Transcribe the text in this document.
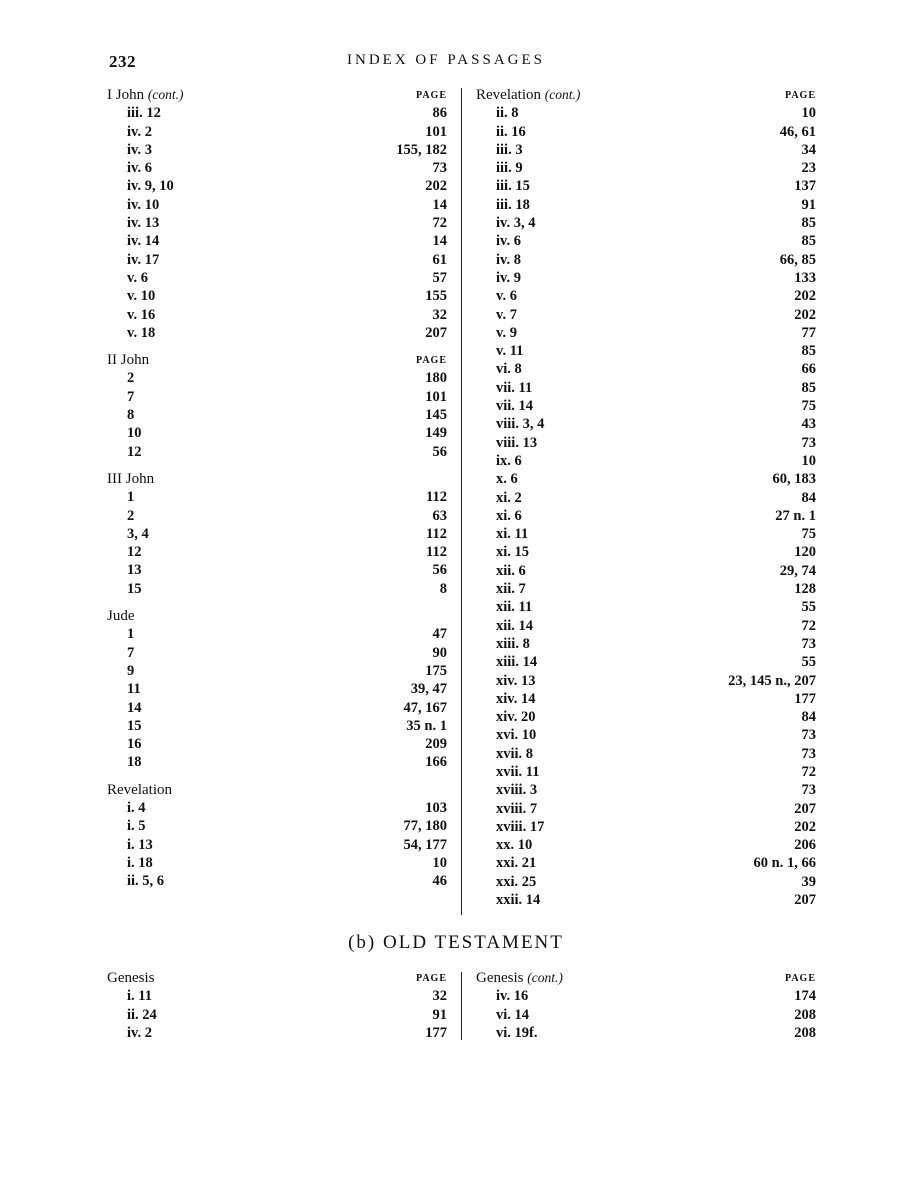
232	INDEX OF PASSAGES
I John (cont.)	PAGE
iii. 12	86
iv. 2	101
iv. 3	155, 182
iv. 6	73
iv. 9, 10	202
iv. 10	14
iv. 13	72
iv. 14	14
iv. 17	61
v. 6	57
v. 10	155
v. 16	32
v. 18	207
II John	PAGE
2	180
7	101
8	145
10	149
12	56
III John
1	112
2	63
3, 4	112
12	112
13	56
15	8
Jude
1	47
7	90
9	175
11	39, 47
14	47, 167
15	35 n. 1
16	209
18	166
Revelation
i. 4	103
i. 5	77, 180
i. 13	54, 177
i. 18	10
ii. 5, 6	46
Revelation (cont.)	PAGE
ii. 8	10
ii. 16	46, 61
iii. 3	34
iii. 9	23
iii. 15	137
iii. 18	91
iv. 3, 4	85
iv. 6	85
iv. 8	66, 85
iv. 9	133
v. 6	202
v. 7	202
v. 9	77
v. 11	85
vi. 8	66
vii. 11	85
vii. 14	75
viii. 3, 4	43
viii. 13	73
ix. 6	10
x. 6	60, 183
xi. 2	84
xi. 6	27 n. 1
xi. 11	75
xi. 15	120
xii. 6	29, 74
xii. 7	128
xii. 11	55
xii. 14	72
xiii. 8	73
xiii. 14	55
xiv. 13	23, 145 n., 207
xiv. 14	177
xiv. 20	84
xvi. 10	73
xvii. 8	73
xvii. 11	72
xviii. 3	73
xviii. 7	207
xviii. 17	202
xx. 10	206
xxi. 21	60 n. 1, 66
xxi. 25	39
xxii. 14	207
(b) OLD TESTAMENT
Genesis	PAGE
i. 11	32
ii. 24	91
iv. 2	177
Genesis (cont.)	PAGE
iv. 16	174
vi. 14	208
vi. 19f.	208
